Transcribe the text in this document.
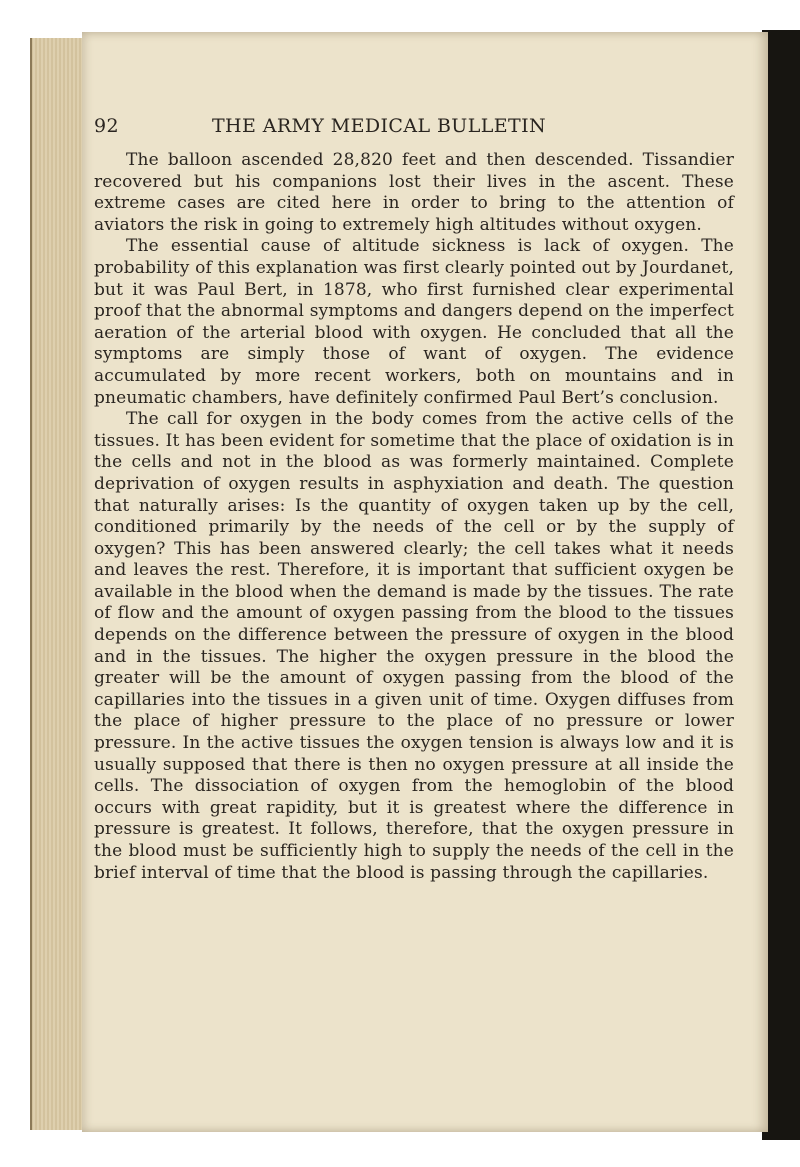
92	THE ARMY MEDICAL BULLETIN

The balloon ascended 28,820 feet and then descended. Tissandier recovered but his companions lost their lives in the ascent. These extreme cases are cited here in order to bring to the attention of aviators the risk in going to extremely high altitudes without oxygen.

The essential cause of altitude sickness is lack of oxygen. The probability of this explanation was first clearly pointed out by Jourdanet, but it was Paul Bert, in 1878, who first furnished clear experimental proof that the abnormal symptoms and dangers depend on the imperfect aeration of the arterial blood with oxygen. He concluded that all the symptoms are simply those of want of oxygen. The evidence accumulated by more recent workers, both on mountains and in pneumatic chambers, have definitely confirmed Paul Bert’s conclusion.

The call for oxygen in the body comes from the active cells of the tissues. It has been evident for sometime that the place of oxidation is in the cells and not in the blood as was formerly maintained. Complete deprivation of oxygen results in asphyxiation and death. The question that naturally arises: Is the quantity of oxygen taken up by the cell, conditioned primarily by the needs of the cell or by the supply of oxygen? This has been answered clearly; the cell takes what it needs and leaves the rest. Therefore, it is important that sufficient oxygen be available in the blood when the demand is made by the tissues. The rate of flow and the amount of oxygen passing from the blood to the tissues depends on the difference between the pressure of oxygen in the blood and in the tissues. The higher the oxygen pressure in the blood the greater will be the amount of oxygen passing from the blood of the capillaries into the tissues in a given unit of time. Oxygen diffuses from the place of higher pressure to the place of no pressure or lower pressure. In the active tissues the oxygen tension is always low and it is usually supposed that there is then no oxygen pressure at all inside the cells. The dissociation of oxygen from the hemoglobin of the blood occurs with great rapidity, but it is greatest where the difference in pressure is greatest. It follows, therefore, that the oxygen pressure in the blood must be sufficiently high to supply the needs of the cell in the brief interval of time that the blood is passing through the capillaries.
